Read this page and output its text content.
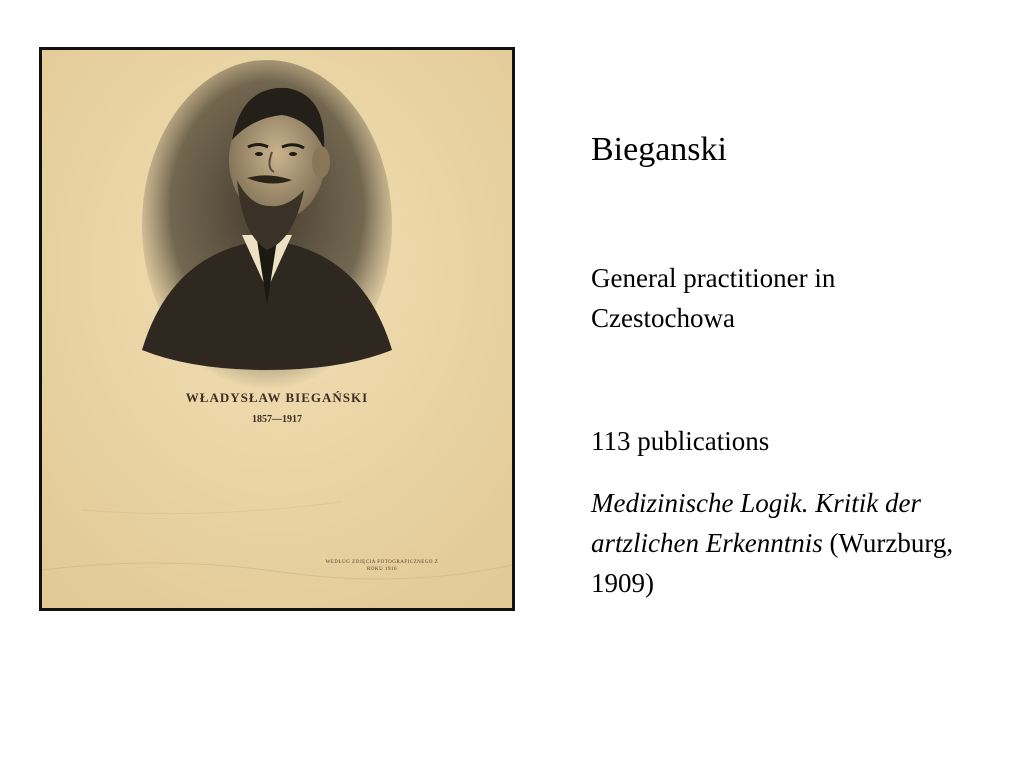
WŁADYSŁAW BIEGAŃSKI
1857—1917
WEDŁUG ZDJĘCIA FOTOGRAFICZNEGO Z ROKU 1916
Bieganski
General practitioner in Czestochowa
113 publications
Medizinische Logik. Kritik der artzlichen Erkenntnis (Wurzburg, 1909)
